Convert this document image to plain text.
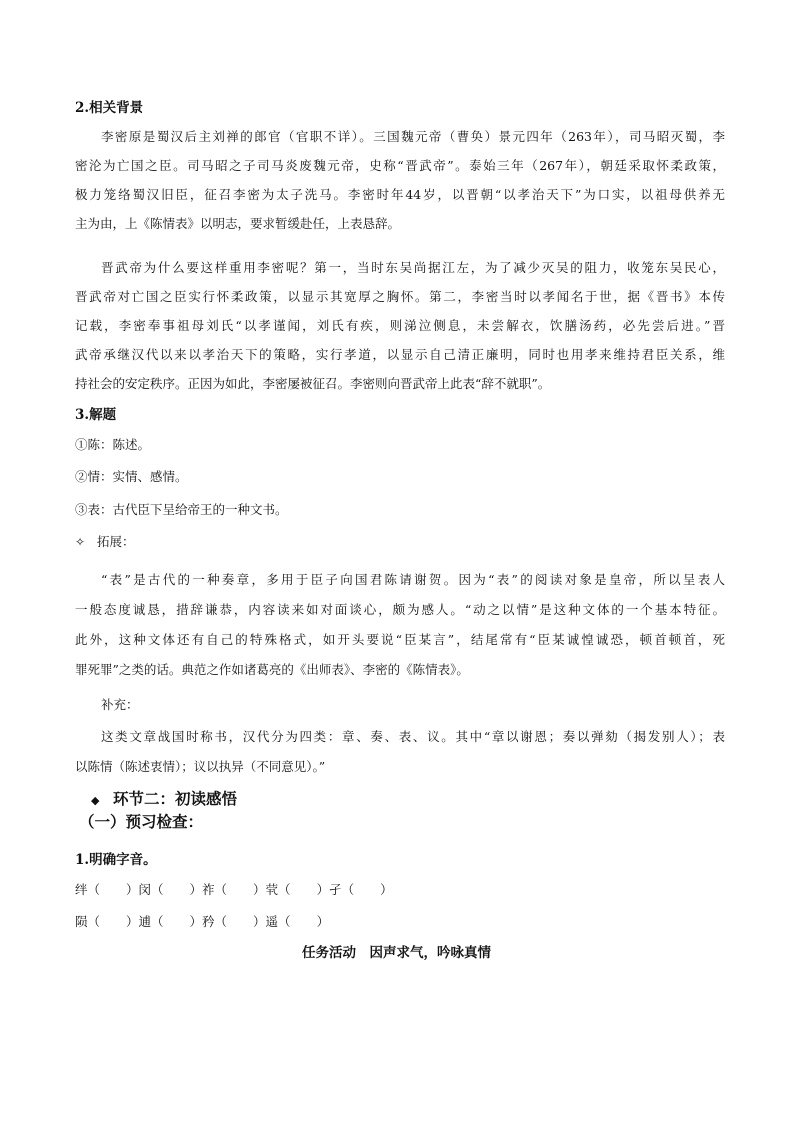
2.相关背景
李密原是蜀汉后主刘禅的郎官（官职不详）。三国魏元帝（曹奂）景元四年（263年），司马昭灭蜀，李
密沦为亡国之臣。司马昭之子司马炎废魏元帝，史称“晋武帝”。泰始三年（267年），朝廷采取怀柔政策，
极力笼络蜀汉旧臣，征召李密为太子洗马。李密时年44岁，以晋朝“以孝治天下”为口实，以祖母供养无
主为由，上《陈情表》以明志，要求暂缓赴任，上表恳辞。
晋武帝为什么要这样重用李密呢？第一，当时东吴尚据江左，为了减少灭吴的阻力，收笼东吴民心，
晋武帝对亡国之臣实行怀柔政策，以显示其宽厚之胸怀。第二，李密当时以孝闻名于世，据《晋书》本传
记载，李密奉事祖母刘氏“以孝谨闻，刘氏有疾，则涕泣侧息，未尝解衣，饮膳汤药，必先尝后进。”晋
武帝承继汉代以来以孝治天下的策略，实行孝道，以显示自己清正廉明，同时也用孝来维持君臣关系，维
持社会的安定秩序。正因为如此，李密屡被征召。李密则向晋武帝上此表“辞不就职”。
3.解题
①陈：陈述。
②情：实情、感情。
③表：古代臣下呈给帝王的一种文书。
✧ 拓展：
“表”是古代的一种奏章，多用于臣子向国君陈请谢贺。因为“表”的阅读对象是皇帝，所以呈表人
一般态度诚恳，措辞谦恭，内容读来如对面谈心，颇为感人。“动之以情”是这种文体的一个基本特征。
此外，这种文体还有自己的特殊格式，如开头要说“臣某言”，结尾常有“臣某诚惶诚恐，顿首顿首，死
罪死罪”之类的话。典范之作如诸葛亮的《出师表》、李密的《陈情表》。
补充：
这类文章战国时称书，汉代分为四类：章、奏、表、议。其中“章以谢恩；奏以弹劾（揭发别人）；表
以陈情（陈述衷情）；议以执异（不同意见）。”
◆ 环节二：初读感悟
（一）预习检查：
1.明确字音。
绊（ ）闵（ ）祚（ ）茕（ ）孑（ ）
陨（ ）逋（ ）矜（ ）遥（ ）
任务活动　因声求气，吟咏真情
